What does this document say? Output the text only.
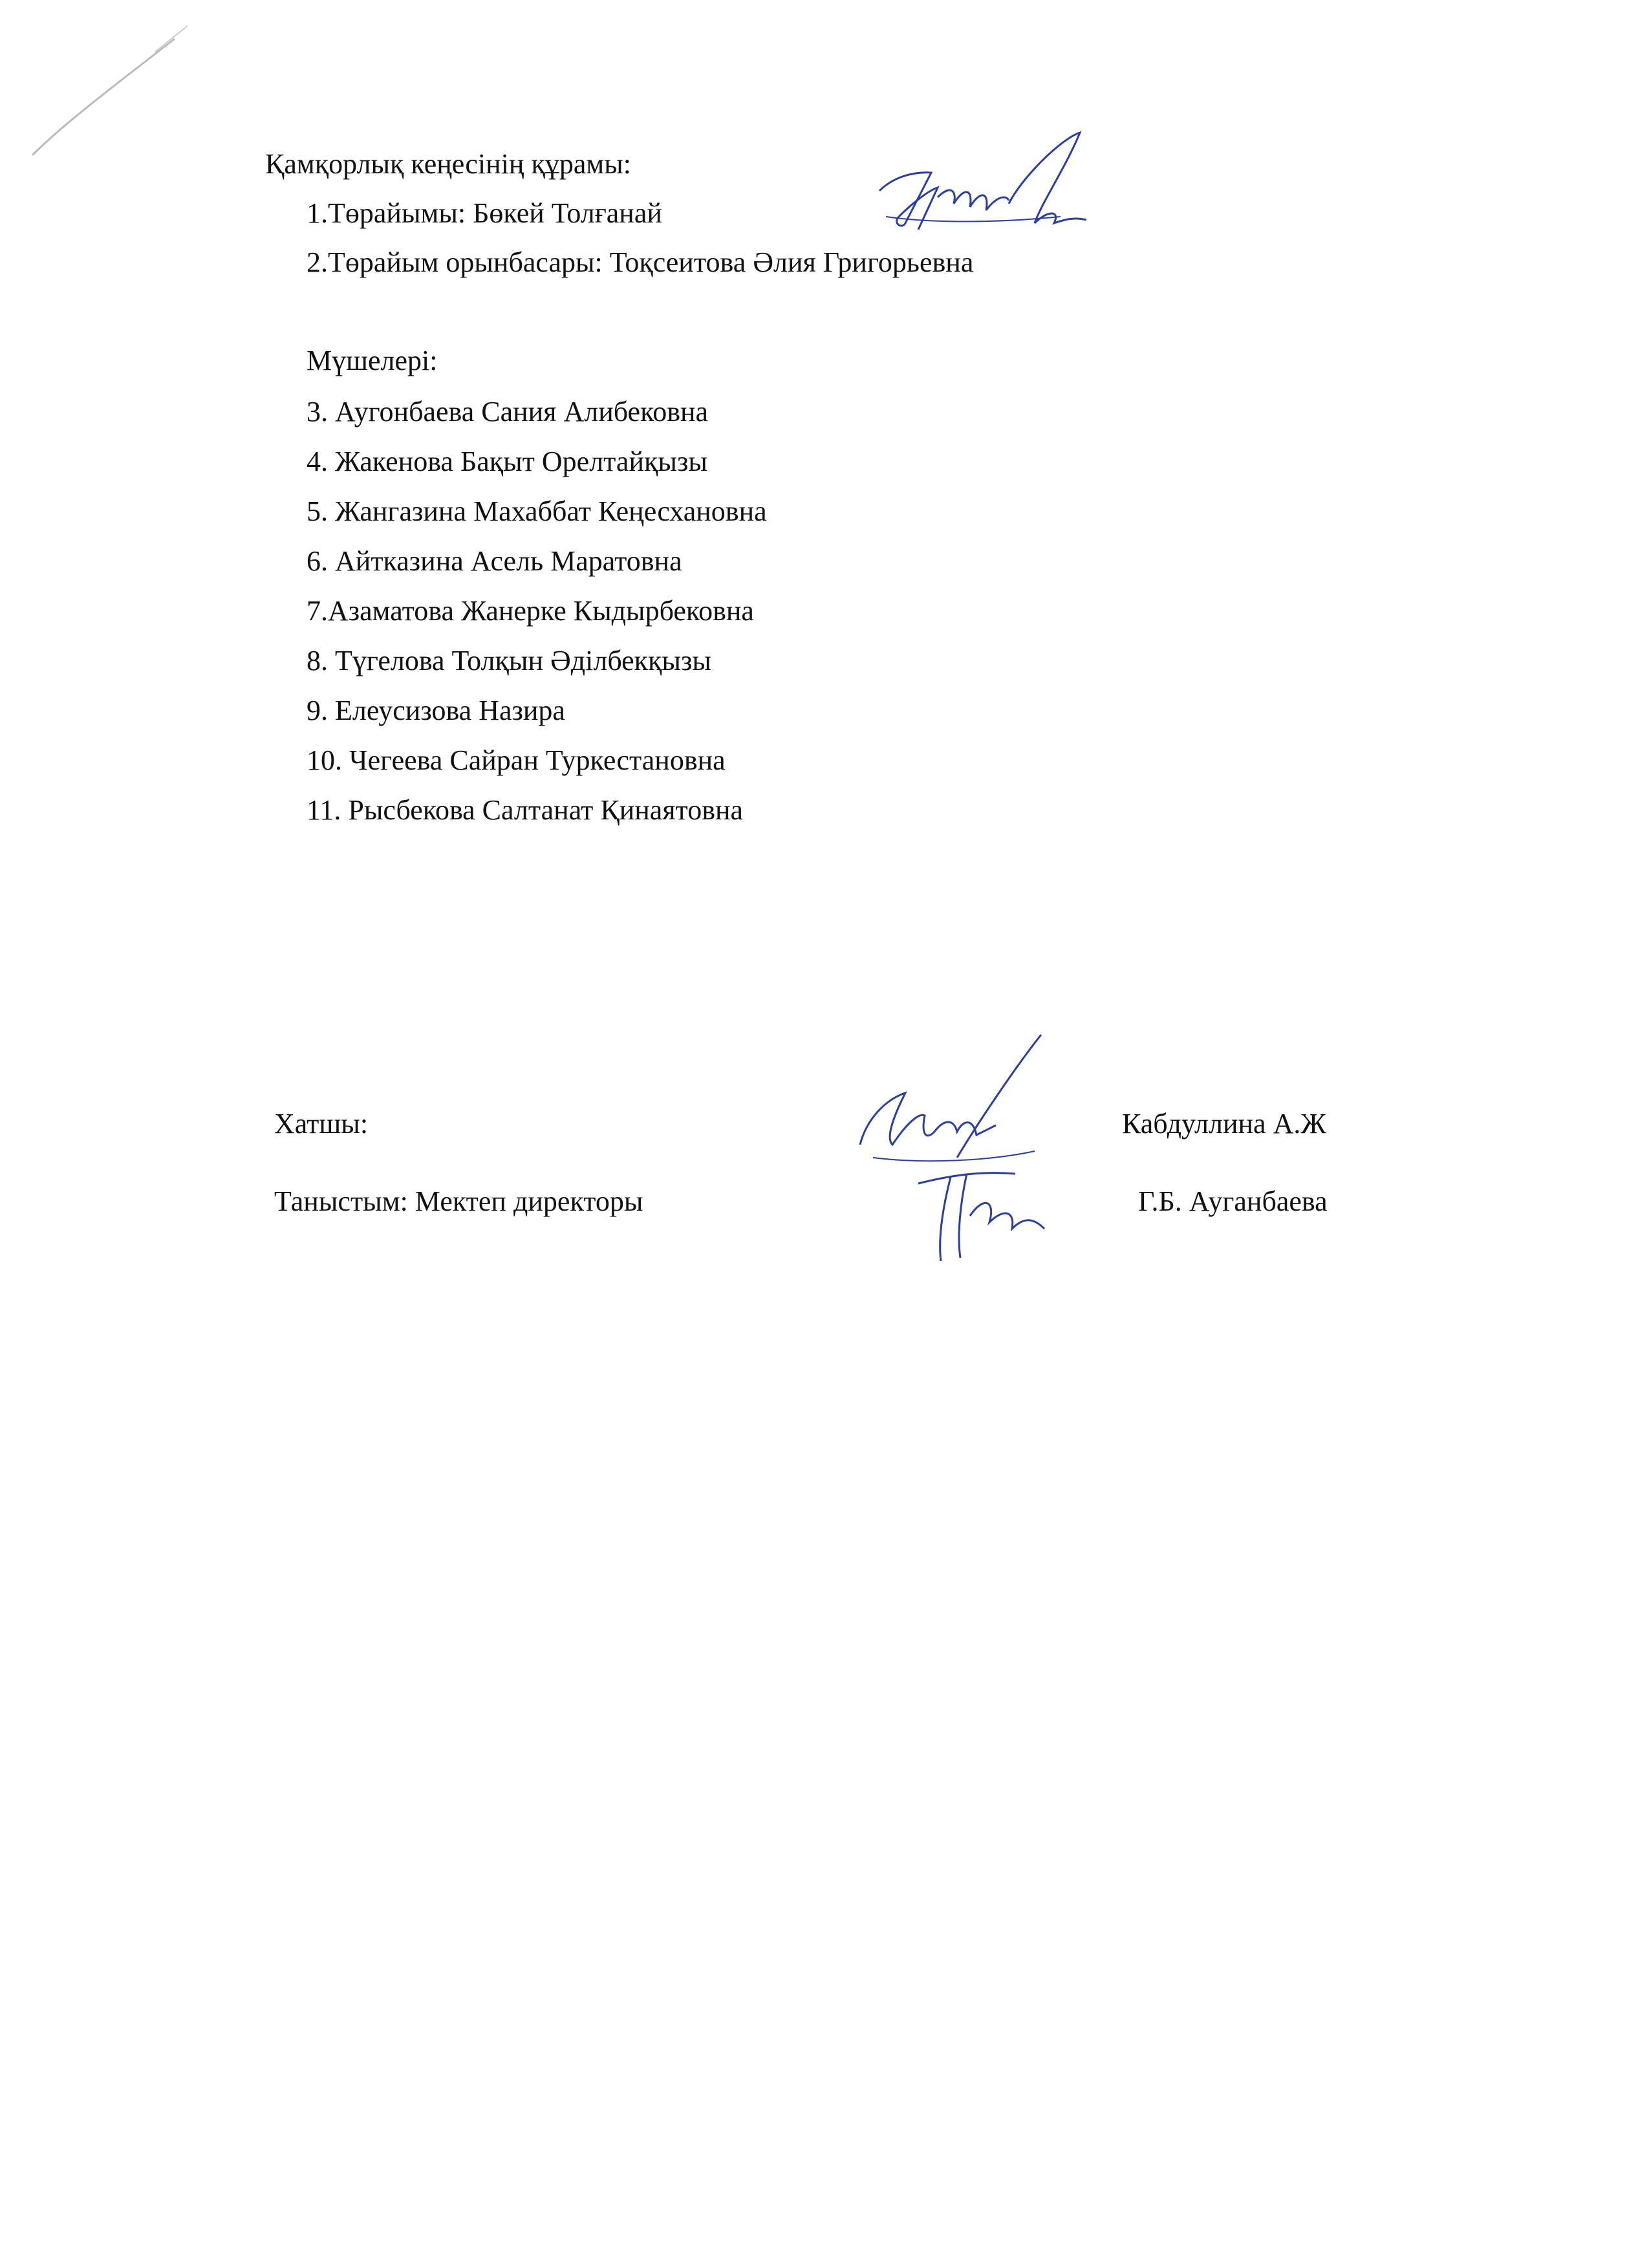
Қамқорлық кеңесінің құрамы:
1.Төрайымы: Бөкей Толғанай
2.Төрайым орынбасары: Тоқсеитова Әлия Григорьевна
Мүшелері:
3. Аугонбаева Сания Алибековна
4. Жакенова Бақыт Орелтайқызы
5. Жангазина Махаббат Кеңесхановна
6. Айтказина Асель Маратовна
7.Азаматова Жанерке Кыдырбековна
8. Түгелова Толқын Әділбекқызы
9. Елеусизова Назира
10. Чегеева Сайран Туркестановна
11. Рысбекова Салтанат Қинаятовна
Хатшы:	Кабдуллина А.Ж
Таныстым: Мектеп директоры	Г.Б. Ауганбаева
